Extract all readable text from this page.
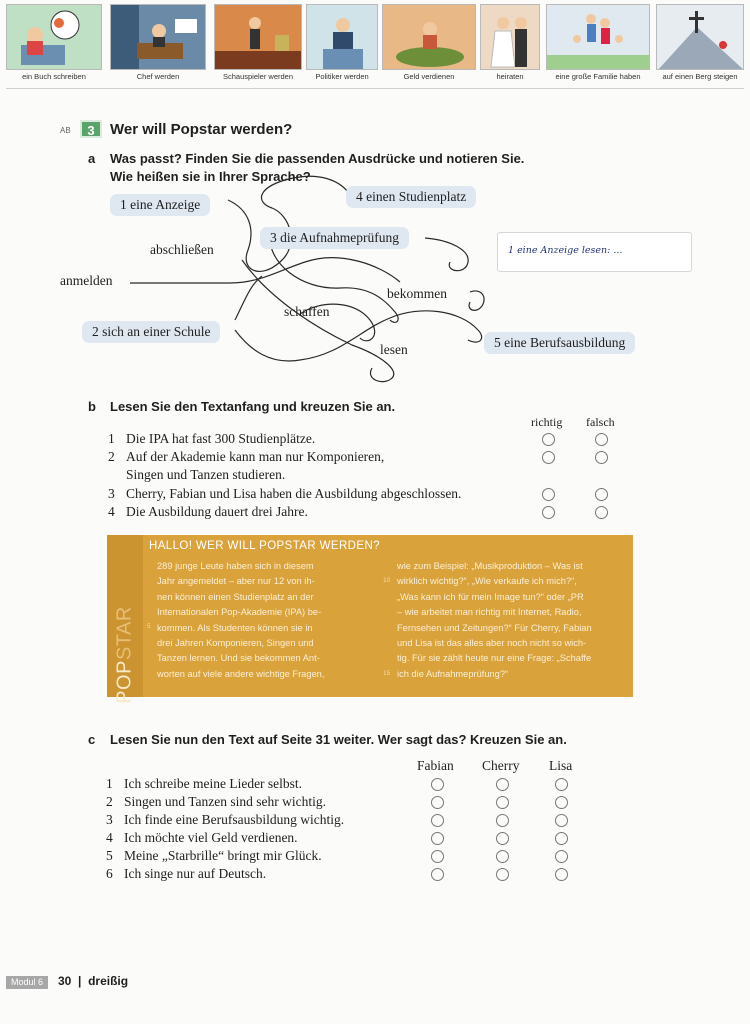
ein Buch schreiben	Chef werden	Schauspieler werden	Politiker werden	Geld verdienen	heiraten	eine große Familie haben	auf einen Berg steigen
AB	3	Wer will Popstar werden?
a Was passt? Finden Sie die passenden Ausdrücke und notieren Sie.
Wie heißen sie in Ihrer Sprache?
1 eine Anzeige
4 einen Studienplatz
3 die Aufnahmeprüfung
2 sich an einer Schule
5 eine Berufsausbildung
abschließen
anmelden
bekommen
schaffen
lesen
1 eine Anzeige lesen: ...
b Lesen Sie den Textanfang und kreuzen Sie an.
richtig falsch
1 Die IPA hat fast 300 Studienplätze.
2 Auf der Akademie kann man nur Komponieren,
Singen und Tanzen studieren.
3 Cherry, Fabian und Lisa haben die Ausbildung abgeschlossen.
4 Die Ausbildung dauert drei Jahre.
POPSTAR
HALLO! WER WILL POPSTAR WERDEN?
289 junge Leute haben sich in diesem
Jahr angemeldet – aber nur 12 von ih-
nen können einen Studienplatz an der
Internationalen Pop-Akademie (IPA) be-
kommen. Als Studenten können sie in
drei Jahren Komponieren, Singen und
Tanzen lernen. Und sie bekommen Ant-
worten auf viele andere wichtige Fragen,
5
10
15
wie zum Beispiel: „Musikproduktion – Was ist
wirklich wichtig?“, „Wie verkaufe ich mich?“,
„Was kann ich für mein Image tun?“ oder „PR
– wie arbeitet man richtig mit Internet, Radio,
Fernsehen und Zeitungen?“ Für Cherry, Fabian
und Lisa ist das alles aber noch nicht so wich-
tig. Für sie zählt heute nur eine Frage: „Schaffe
ich die Aufnahmeprüfung?“
c Lesen Sie nun den Text auf Seite 31 weiter. Wer sagt das? Kreuzen Sie an.
Fabian Cherry Lisa
1 Ich schreibe meine Lieder selbst.
2 Singen und Tanzen sind sehr wichtig.
3 Ich finde eine Berufsausbildung wichtig.
4 Ich möchte viel Geld verdienen.
5 Meine „Starbrille“ bringt mir Glück.
6 Ich singe nur auf Deutsch.
Modul 6	30 | dreißig
